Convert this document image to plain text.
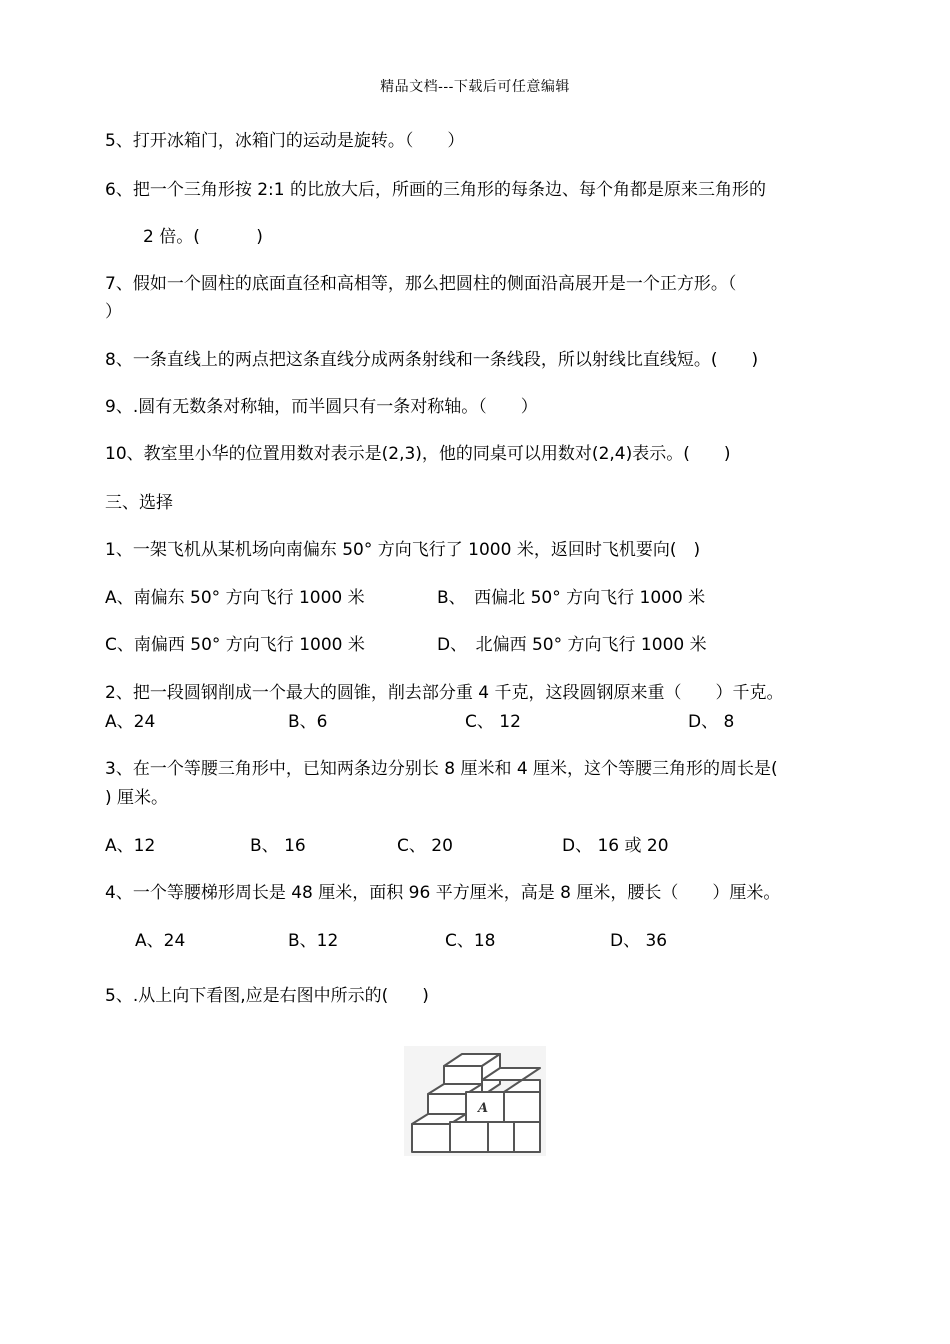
精品文档---下载后可任意编辑
5、打开冰箱门，冰箱门的运动是旋转。（　　）
6、把一个三角形按 2:1 的比放大后，所画的三角形的每条边、每个角都是原来三角形的
2 倍。(　　　 )
7、假如一个圆柱的底面直径和高相等，那么把圆柱的侧面沿高展开是一个正方形。（
）
8、一条直线上的两点把这条直线分成两条射线和一条线段，所以射线比直线短。(　　)
9、.圆有无数条对称轴，而半圆只有一条对称轴。（　　）
10、教室里小华的位置用数对表示是(2,3)，他的同桌可以用数对(2,4)表示。(　　)
三、选择
1、一架飞机从某机场向南偏东 50° 方向飞行了 1000 米，返回时飞机要向(　)
A、南偏东 50° 方向飞行 1000 米	B、　西偏北 50° 方向飞行 1000 米
C、南偏西 50° 方向飞行 1000 米	D、　北偏西 50° 方向飞行 1000 米
2、把一段圆钢削成一个最大的圆锥，削去部分重 4 千克，这段圆钢原来重（　　）千克。
A、24	B、6	C、 12	D、 8
3、在一个等腰三角形中，已知两条边分别长 8 厘米和 4 厘米，这个等腰三角形的周长是(
) 厘米。
A、12	B、 16	C、 20	D、 16 或 20
4、一个等腰梯形周长是 48 厘米，面积 96 平方厘米，高是 8 厘米，腰长（　　）厘米。
A、24	B、12	C、18	D、 36
5、.从上向下看图,应是右图中所示的(　　)
A
